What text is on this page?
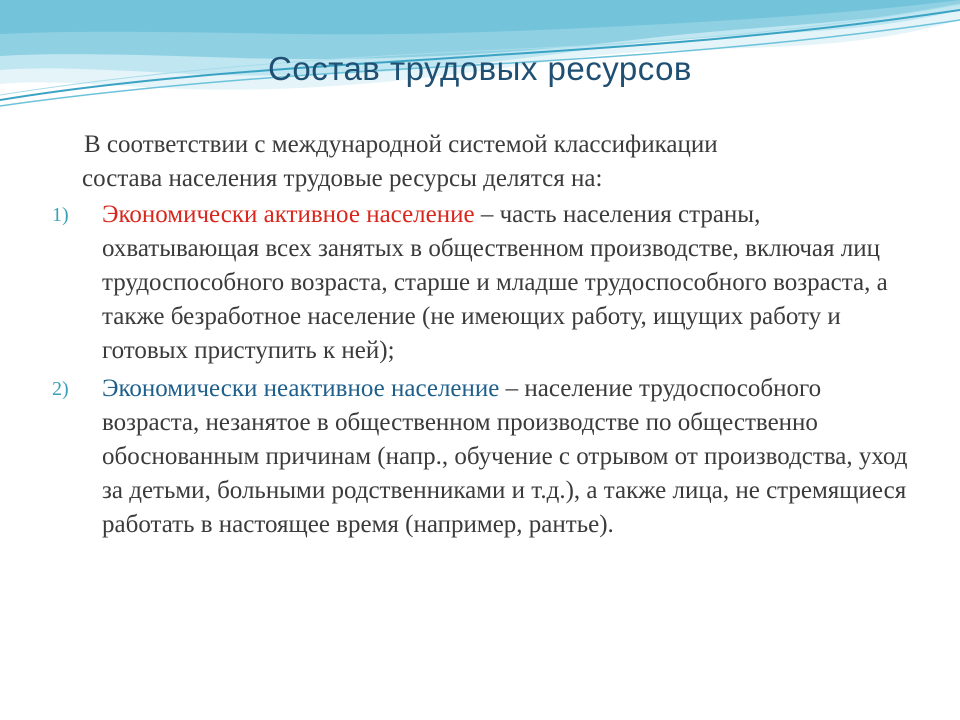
Состав трудовых ресурсов
В соответствии с международной системой классификации
состава населения трудовые ресурсы делятся на:
1) Экономически активное население – часть населения страны, охватывающая всех занятых в общественном производстве, включая лиц трудоспособного возраста, старше и младше трудоспособного возраста, а также безработное население (не имеющих работу, ищущих работу и готовых приступить к ней);
2) Экономически неактивное население – население трудоспособного возраста, незанятое в общественном производстве по общественно обоснованным причинам (напр., обучение с отрывом от производства, уход за детьми, больными родственниками и т.д.), а также лица, не стремящиеся работать в настоящее время (например, рантье).
